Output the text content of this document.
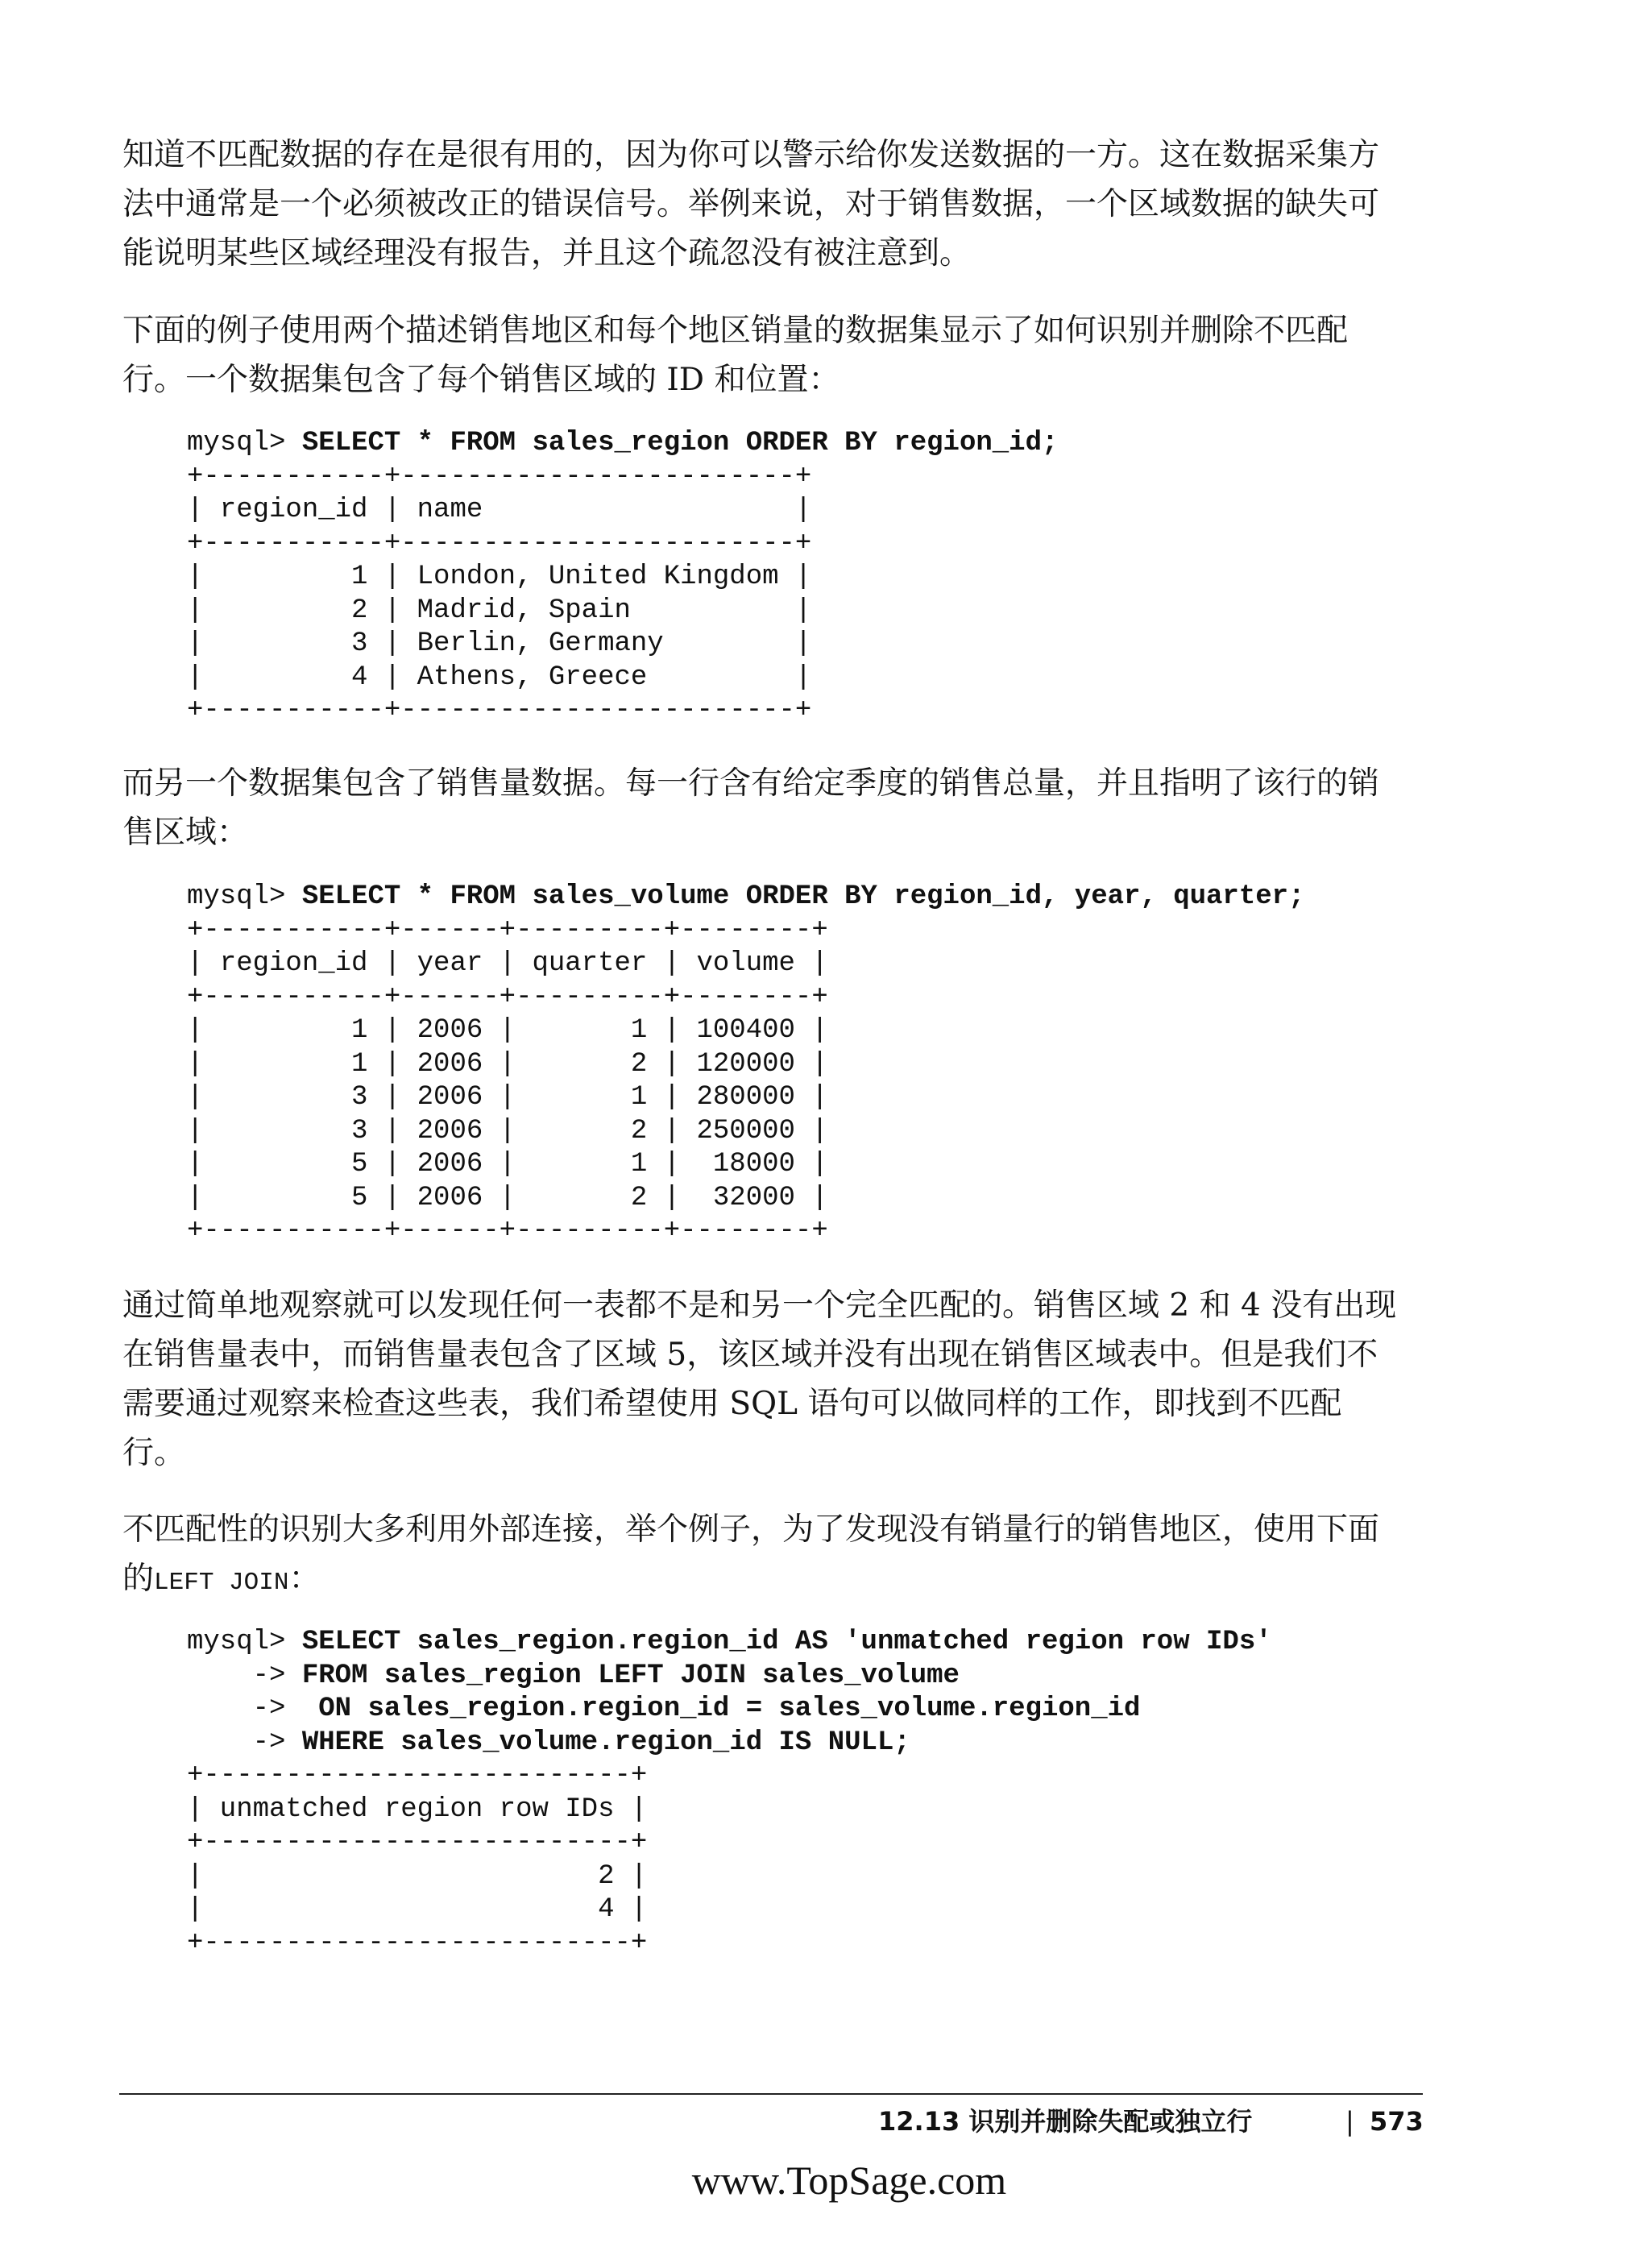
知道不匹配数据的存在是很有用的，因为你可以警示给你发送数据的一方。这在数据采集方法中通常是一个必须被改正的错误信号。举例来说，对于销售数据，一个区域数据的缺失可能说明某些区域经理没有报告，并且这个疏忽没有被注意到。

下面的例子使用两个描述销售地区和每个地区销量的数据集显示了如何识别并删除不匹配行。一个数据集包含了每个销售区域的 ID 和位置：

mysql> SELECT * FROM sales_region ORDER BY region_id;
+-----------+------------------------+
| region_id | name                   |
+-----------+------------------------+
|         1 | London, United Kingdom |
|         2 | Madrid, Spain          |
|         3 | Berlin, Germany        |
|         4 | Athens, Greece         |
+-----------+------------------------+

而另一个数据集包含了销售量数据。每一行含有给定季度的销售总量，并且指明了该行的销售区域：

mysql> SELECT * FROM sales_volume ORDER BY region_id, year, quarter;
+-----------+------+---------+--------+
| region_id | year | quarter | volume |
+-----------+------+---------+--------+
|         1 | 2006 |       1 | 100400 |
|         1 | 2006 |       2 | 120000 |
|         3 | 2006 |       1 | 280000 |
|         3 | 2006 |       2 | 250000 |
|         5 | 2006 |       1 |  18000 |
|         5 | 2006 |       2 |  32000 |
+-----------+------+---------+--------+

通过简单地观察就可以发现任何一表都不是和另一个完全匹配的。销售区域 2 和 4 没有出现在销售量表中，而销售量表包含了区域 5，该区域并没有出现在销售区域表中。但是我们不需要通过观察来检查这些表，我们希望使用 SQL 语句可以做同样的工作，即找到不匹配行。

不匹配性的识别大多利用外部连接，举个例子，为了发现没有销量行的销售地区，使用下面的LEFT JOIN：

mysql> SELECT sales_region.region_id AS 'unmatched region row IDs'
-> FROM sales_region LEFT JOIN sales_volume
->  ON sales_region.region_id = sales_volume.region_id
-> WHERE sales_volume.region_id IS NULL;
+--------------------------+
| unmatched region row IDs |
+--------------------------+
|                        2 |
|                        4 |
+--------------------------+
12.13 识别并删除失配或独立行	| 573
www.TopSage.com
